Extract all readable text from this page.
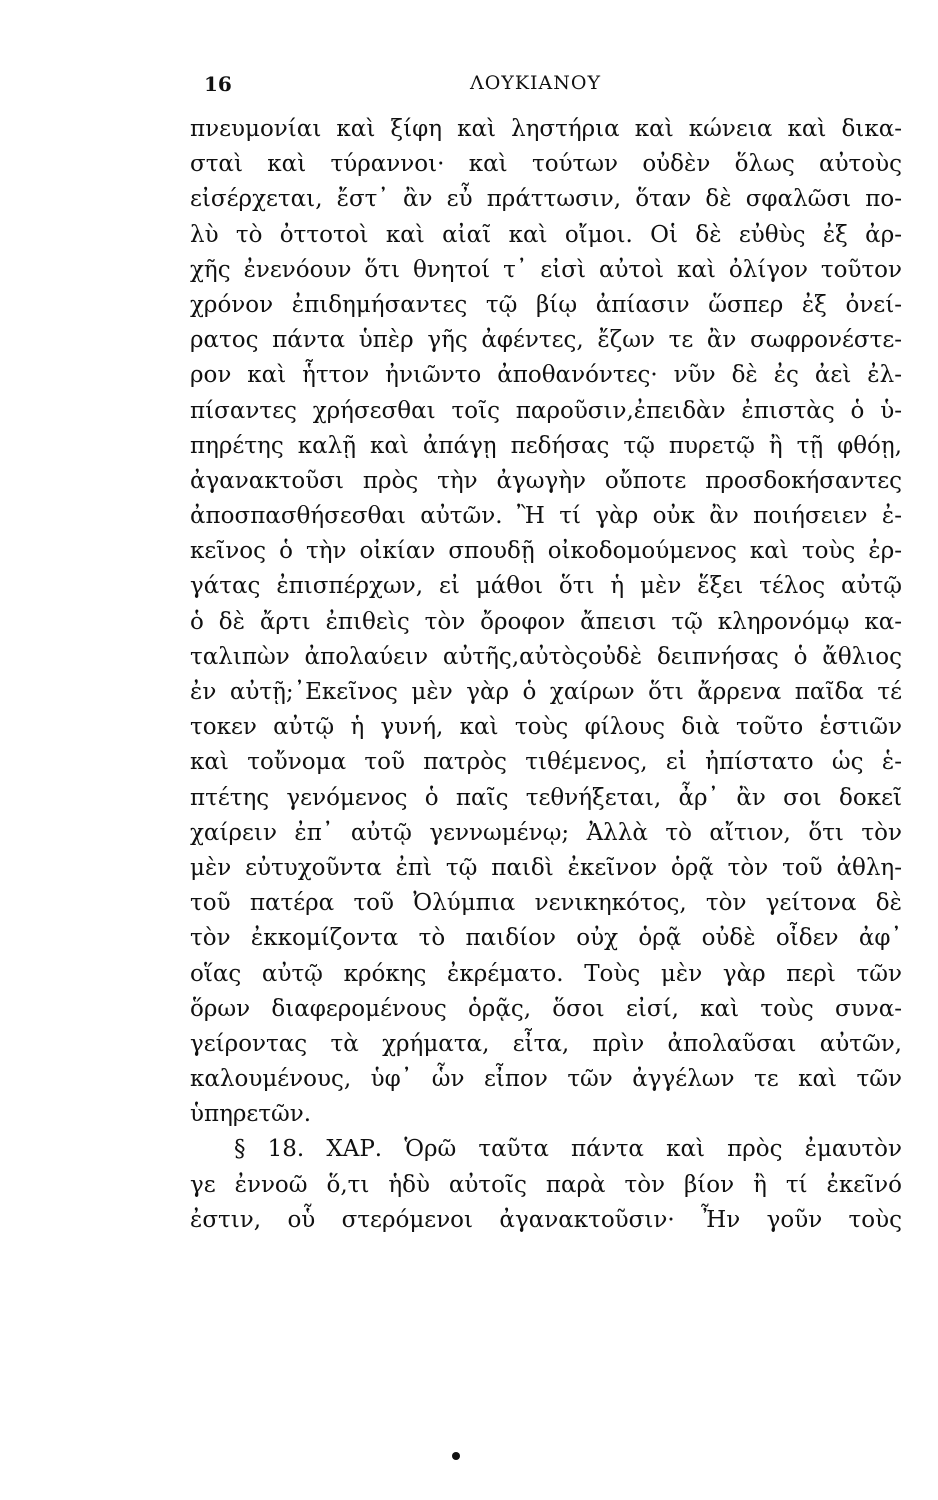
16	ΛΟΥΚΙΑΝΟΥ
πνευμονίαι καὶ ξίφη καὶ ληστήρια καὶ κώνεια καὶ δικα-
σταὶ καὶ τύραννοι· καὶ τούτων οὐδὲν ὅλως αὐτοὺς
εἰσέρχεται, ἔστ᾽ ἂν εὖ πράττωσιν, ὅταν δὲ σφαλῶσι πο-
λὺ τὸ ὀττοτοὶ καὶ αἰαῖ καὶ οἴμοι. Οἱ δὲ εὐθὺς ἐξ ἀρ-
χῆς ἐνενόουν ὅτι θνητοί τ᾽ εἰσὶ αὐτοὶ καὶ ὀλίγον τοῦτον
χρόνον ἐπιδημήσαντες τῷ βίῳ ἀπίασιν ὥσπερ ἐξ ὀνεί-
ρατος πάντα ὑπὲρ γῆς ἀφέντες, ἔζων τε ἂν σωφρονέστε-
ρον καὶ ἧττον ἠνιῶντο ἀποθανόντες· νῦν δὲ ἐς ἀεὶ ἐλ-
πίσαντες χρήσεσθαι τοῖς παροῦσιν,ἐπειδὰν ἐπιστὰς ὁ ὑ-
πηρέτης καλῇ καὶ ἀπάγῃ πεδήσας τῷ πυρετῷ ἢ τῇ φθόῃ,
ἀγανακτοῦσι πρὸς τὴν ἀγωγὴν οὔποτε προσδοκήσαντες
ἀποσπασθήσεσθαι αὐτῶν. Ἢ τί γὰρ οὐκ ἂν ποιήσειεν ἐ-
κεῖνος ὁ τὴν οἰκίαν σπουδῇ οἰκοδομούμενος καὶ τοὺς ἐρ-
γάτας ἐπισπέρχων, εἰ μάθοι ὅτι ἡ μὲν ἕξει τέλος αὐτῷ
ὁ δὲ ἄρτι ἐπιθεὶς τὸν ὄροφον ἄπεισι τῷ κληρονόμῳ κα-
ταλιπὼν ἀπολαύειν αὐτῆς,αὐτὸςοὐδὲ δειπνήσας ὁ ἄθλιος
ἐν αὐτῇ;᾽Εκεῖνος μὲν γὰρ ὁ χαίρων ὅτι ἄρρενα παῖδα τέ
τοκεν αὐτῷ ἡ γυνή, καὶ τοὺς φίλους διὰ τοῦτο ἑστιῶν
καὶ τοὔνομα τοῦ πατρὸς τιθέμενος, εἰ ἠπίστατο ὡς ἑ-
πτέτης γενόμενος ὁ παῖς τεθνήξεται, ἆρ᾽ ἂν σοι δοκεῖ
χαίρειν ἐπ᾽ αὐτῷ γεννωμένῳ; Ἀλλὰ τὸ αἴτιον, ὅτι τὸν
μὲν εὐτυχοῦντα ἐπὶ τῷ παιδὶ ἐκεῖνον ὁρᾷ τὸν τοῦ ἀθλη-
τοῦ πατέρα τοῦ Ὀλύμπια νενικηκότος, τὸν γείτονα δὲ
τὸν ἐκκομίζοντα τὸ παιδίον οὐχ ὁρᾷ οὐδὲ οἶδεν ἀφ᾽
οἵας αὐτῷ κρόκης ἐκρέματο. Τοὺς μὲν γὰρ περὶ τῶν
ὅρων διαφερομένους ὁρᾷς, ὅσοι εἰσί, καὶ τοὺς συνα-
γείροντας τὰ χρήματα, εἶτα, πρὶν ἀπολαῦσαι αὐτῶν,
καλουμένους, ὑφ᾽ ὧν εἶπον τῶν ἀγγέλων τε καὶ τῶν
ὑπηρετῶν.
§ 18. ΧΑΡ. Ὁρῶ ταῦτα πάντα καὶ πρὸς ἐμαυτὸν
γε ἐννοῶ ὅ,τι ἡδὺ αὐτοῖς παρὰ τὸν βίον ἢ τί ἐκεῖνό
ἐστιν, οὗ στερόμενοι ἀγανακτοῦσιν· Ἦν γοῦν τοὺς
